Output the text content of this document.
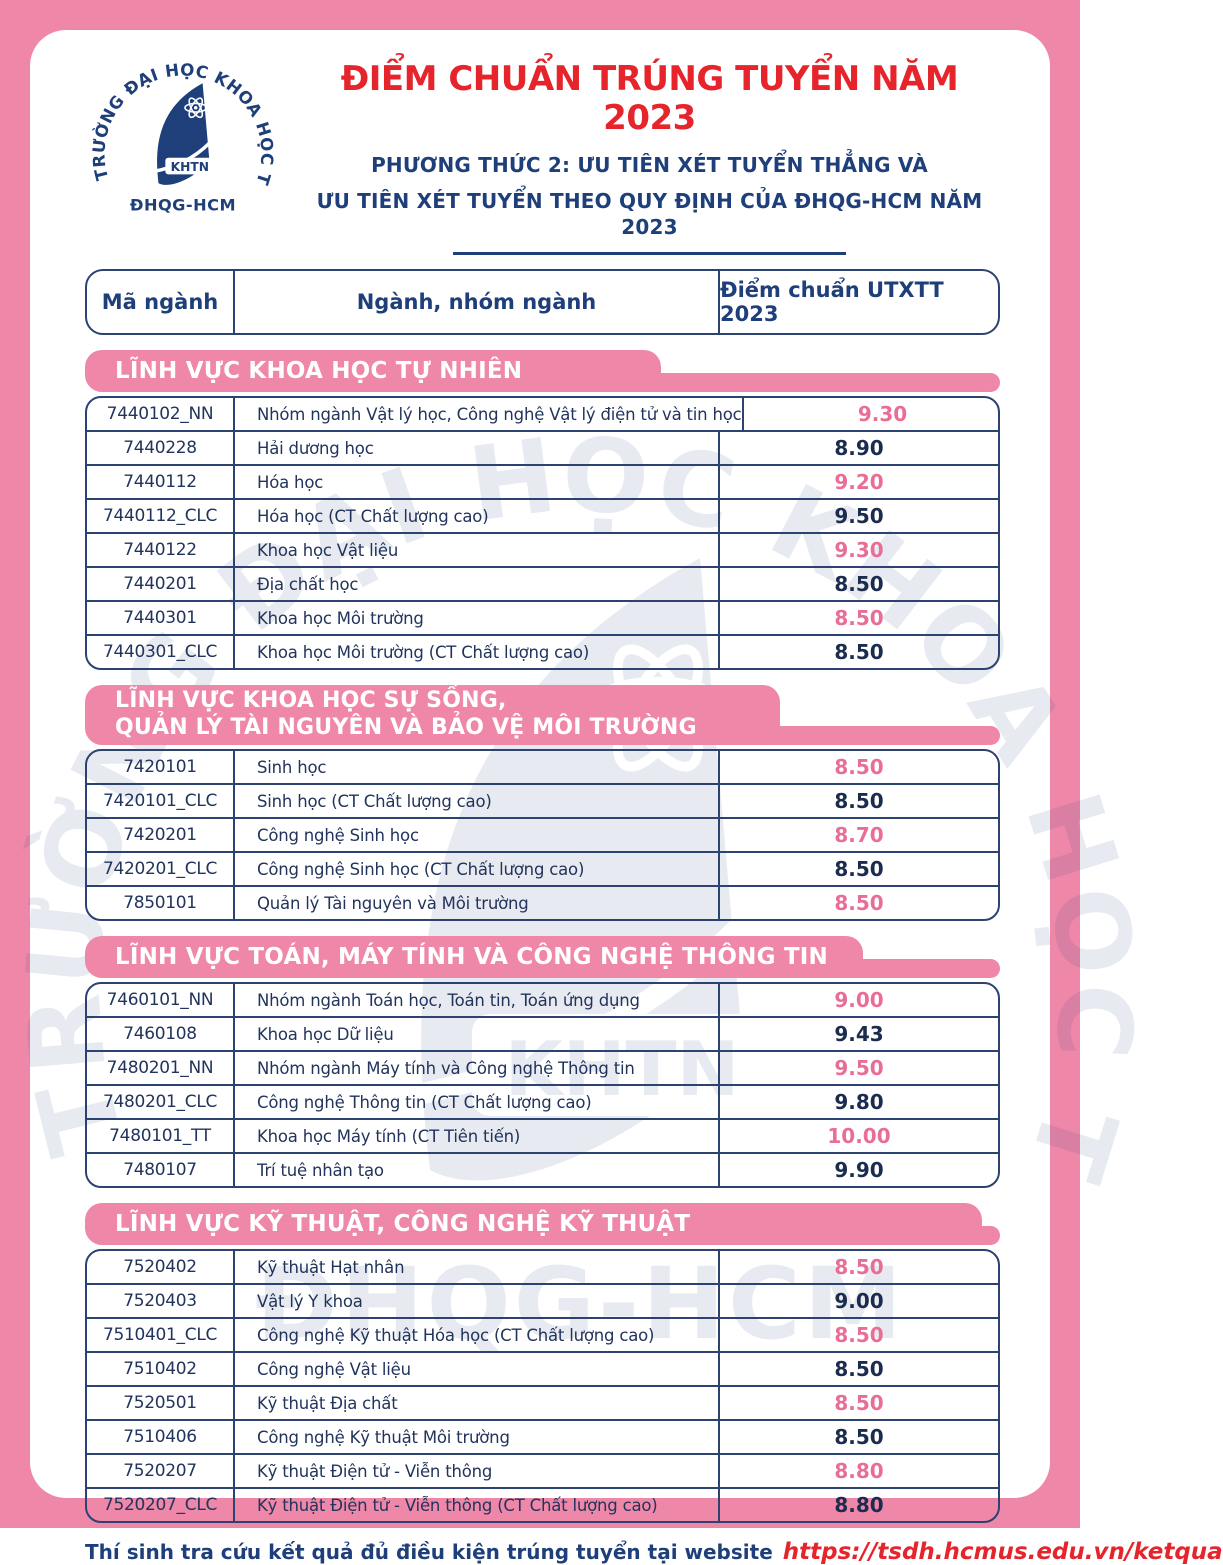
ĐIỂM CHUẨN TRÚNG TUYỂN NĂM 2023
PHƯƠNG THỨC 2: ƯU TIÊN XÉT TUYỂN THẲNG VÀ
ƯU TIÊN XÉT TUYỂN THEO QUY ĐỊNH CỦA ĐHQG-HCM NĂM 2023
Mã ngành	Ngành, nhóm ngành	Điểm chuẩn UTXTT 2023
LĨNH VỰC KHOA HỌC TỰ NHIÊN
7440102_NN	Nhóm ngành Vật lý học, Công nghệ Vật lý điện tử và tin học	9.30
7440228	Hải dương học	8.90
7440112	Hóa học	9.20
7440112_CLC	Hóa học (CT Chất lượng cao)	9.50
7440122	Khoa học Vật liệu	9.30
7440201	Địa chất học	8.50
7440301	Khoa học Môi trường	8.50
7440301_CLC	Khoa học Môi trường (CT Chất lượng cao)	8.50
LĨNH VỰC KHOA HỌC SỰ SỐNG,
QUẢN LÝ TÀI NGUYÊN VÀ BẢO VỆ MÔI TRƯỜNG
7420101	Sinh học	8.50
7420101_CLC	Sinh học (CT Chất lượng cao)	8.50
7420201	Công nghệ Sinh học	8.70
7420201_CLC	Công nghệ Sinh học (CT Chất lượng cao)	8.50
7850101	Quản lý Tài nguyên và Môi trường	8.50
LĨNH VỰC TOÁN, MÁY TÍNH VÀ CÔNG NGHỆ THÔNG TIN
7460101_NN	Nhóm ngành Toán học, Toán tin, Toán ứng dụng	9.00
7460108	Khoa học Dữ liệu	9.43
7480201_NN	Nhóm ngành Máy tính và Công nghệ Thông tin	9.50
7480201_CLC	Công nghệ Thông tin (CT Chất lượng cao)	9.80
7480101_TT	Khoa học Máy tính (CT Tiên tiến)	10.00
7480107	Trí tuệ nhân tạo	9.90
LĨNH VỰC KỸ THUẬT, CÔNG NGHỆ KỸ THUẬT
7520402	Kỹ thuật Hạt nhân	8.50
7520403	Vật lý Y khoa	9.00
7510401_CLC	Công nghệ Kỹ thuật Hóa học (CT Chất lượng cao)	8.50
7510402	Công nghệ Vật liệu	8.50
7520501	Kỹ thuật Địa chất	8.50
7510406	Công nghệ Kỹ thuật Môi trường	8.50
7520207	Kỹ thuật Điện tử - Viễn thông	8.80
7520207_CLC	Kỹ thuật Điện tử - Viễn thông (CT Chất lượng cao)	8.80
Thí sinh tra cứu kết quả đủ điều kiện trúng tuyển tại website https://tsdh.hcmus.edu.vn/ketqua
